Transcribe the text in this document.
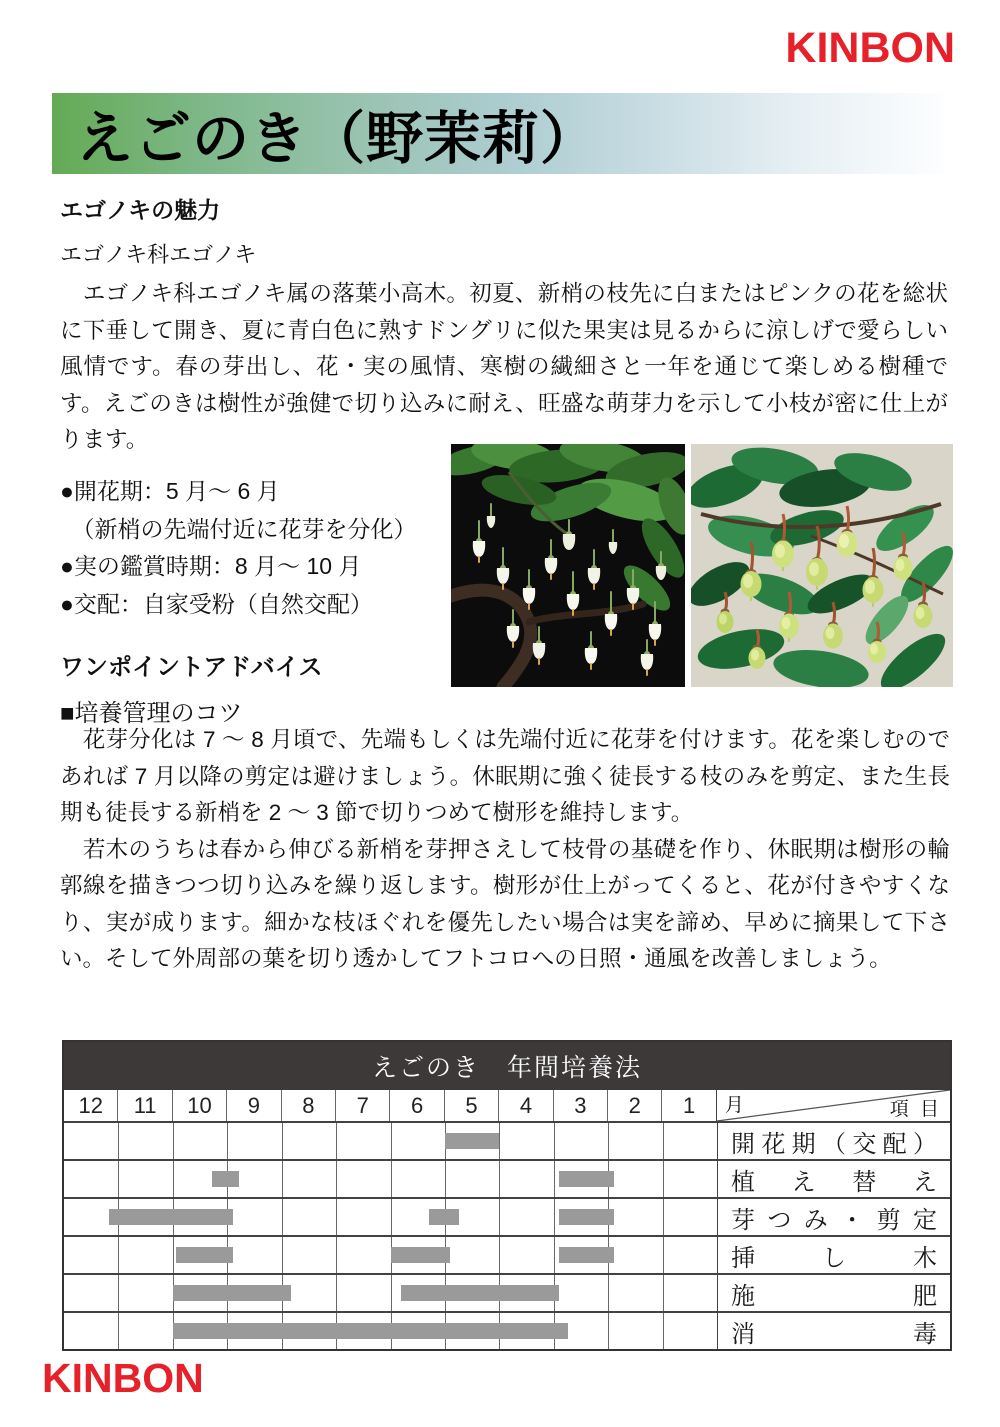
KINBON
えごのき（野茉莉）
エゴノキの魅力
エゴノキ科エゴノキ

　エゴノキ科エゴノキ属の落葉小高木。初夏、新梢の枝先に白またはピンクの花を総状に下垂して開き、夏に青白色に熟すドングリに似た果実は見るからに涼しげで愛らしい風情です。春の芽出し、花・実の風情、寒樹の繊細さと一年を通じて楽しめる樹種です。えごのきは樹性が強健で切り込みに耐え、旺盛な萌芽力を示して小枝が密に仕上がります。

●開花期：5 月～ 6 月
　（新梢の先端付近に花芽を分化）
●実の鑑賞時期：8 月～ 10 月
●交配：自家受粉（自然交配）
ワンポイントアドバイス
■培養管理のコツ

　花芽分化は 7 ～ 8 月頃で、先端もしくは先端付近に花芽を付けます。花を楽しむのであれば 7 月以降の剪定は避けましょう。休眠期に強く徒長する枝のみを剪定、また生長期も徒長する新梢を 2 ～ 3 節で切りつめて樹形を維持します。

　若木のうちは春から伸びる新梢を芽押さえして枝骨の基礎を作り、休眠期は樹形の輪郭線を描きつつ切り込みを繰り返します。樹形が仕上がってくると、花が付きやすくなり、実が成ります。細かな枝ほぐれを優先したい場合は実を諦め、早めに摘果して下さい。そして外周部の葉を切り透かしてフトコロへの日照・通風を改善しましょう。

えごのき　年間培養法
12	11	10	9	8	7	6	5	4	3	2	1	月	項 目
開 花 期 （ 交 配 ）
植 え 替 え
芽 つ み ・ 剪 定
挿	し	木
施	肥
消	毒
KINBON
